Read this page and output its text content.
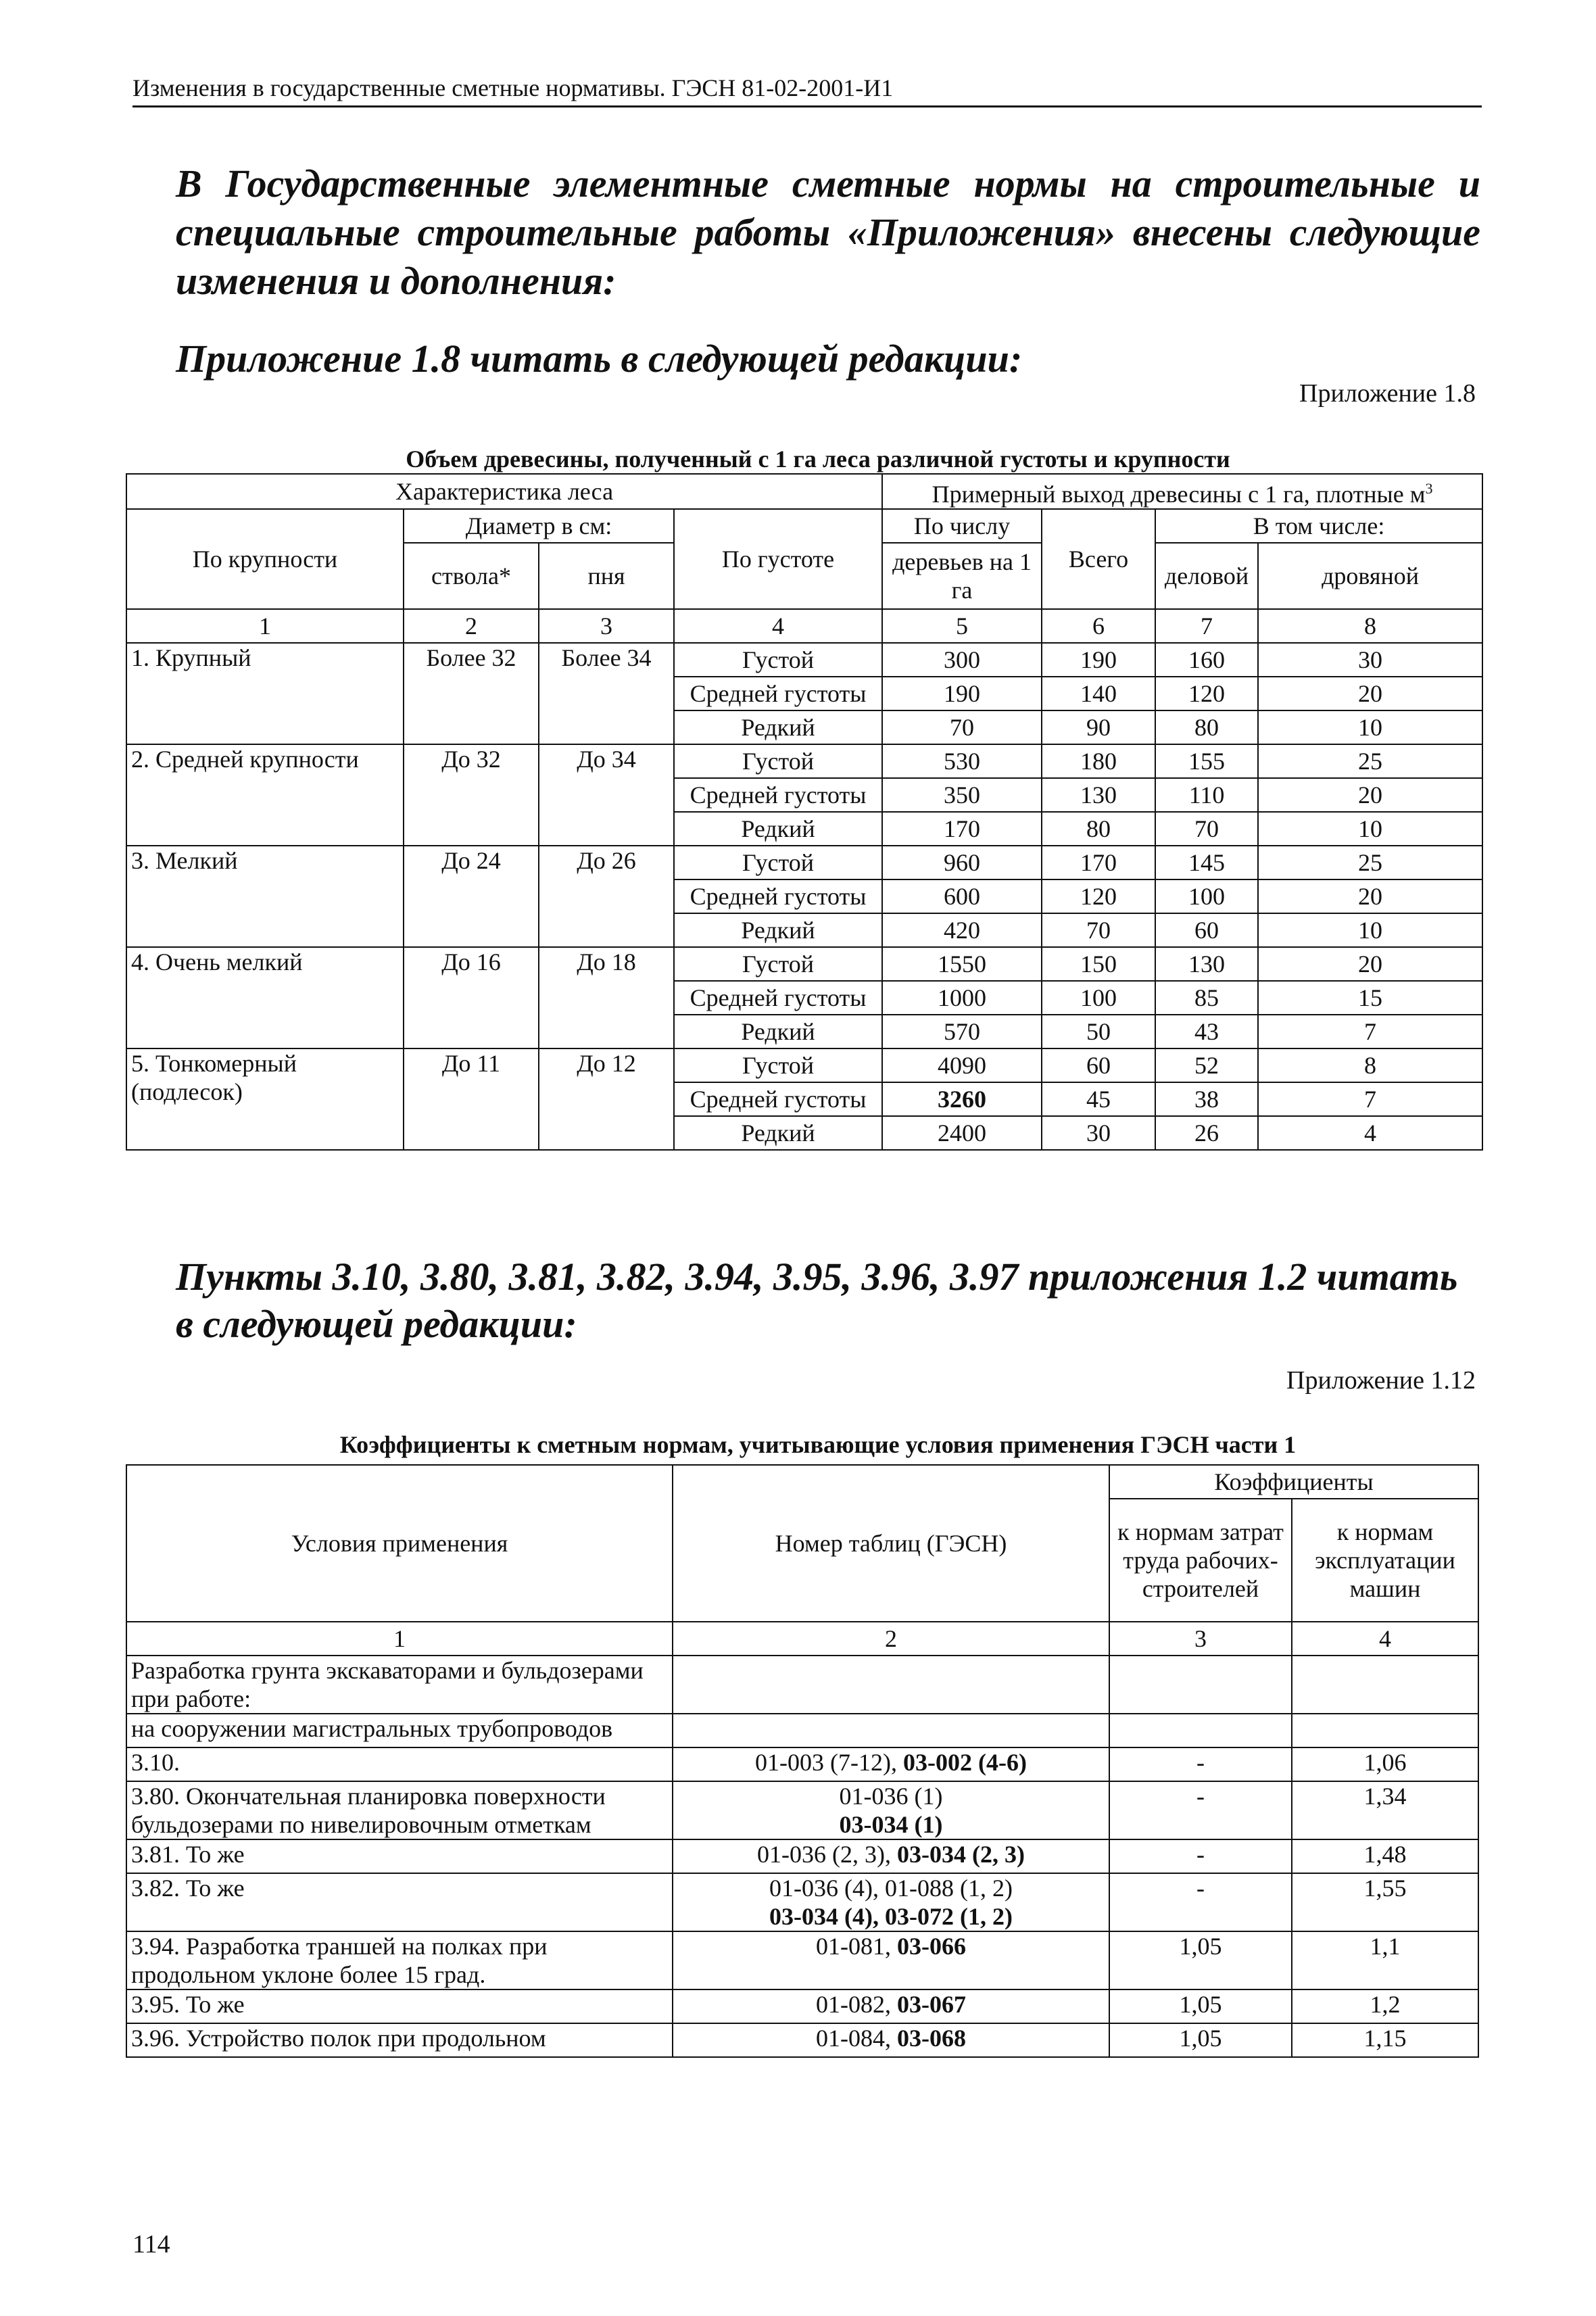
Изменения в государственные сметные нормативы. ГЭСН 81-02-2001-И1
В Государственные элементные сметные нормы на строительные и специальные строительные работы «Приложения» внесены следующие изменения и дополнения:
Приложение 1.8 читать в следующей редакции:
Приложение 1.8
Объем древесины, полученный с 1 га леса различной густоты и крупности
Характеристика леса				Примерный выход древесины с 1 га, плотные $м^3$
По крупности	Диаметр в см:		По густоте	По числу	Всего	В том числе:	
	ствола*	пня		деревьев на 1 га		деловой	дровяной
1	2	3	4	5	6	7	8
1. Крупный	Более 32	Более 34	Густой	300	190	160	30
			Средней густоты	190	140	120	20
			Редкий	70	90	80	10
2. Средней крупности	До 32	До 34	Густой	530	180	155	25
			Средней густоты	350	130	110	20
			Редкий	170	80	70	10
3. Мелкий	До 24	До 26	Густой	960	170	145	25
			Средней густоты	600	120	100	20
			Редкий	420	70	60	10
4. Очень мелкий	До 16	До 18	Густой	1550	150	130	20
			Средней густоты	1000	100	85	15
			Редкий	570	50	43	7
5. Тонкомерный (подлесок)	До 11	До 12	Густой	4090	60	52	8
			Средней густоты	3260	45	38	7
			Редкий	2400	30	26	4
Пункты 3.10, 3.80, 3.81, 3.82, 3.94, 3.95, 3.96, 3.97 приложения 1.2 читать в следующей редакции:
Приложение 1.12
Коэффициенты к сметным нормам, учитывающие условия применения ГЭСН части 1
Условия применения	Номер таблиц (ГЭСН)	Коэффициенты	
		к нормам затрат труда рабочих-строителей	к нормам эксплуатации машин
1	2	3	4
Разработка грунта экскаваторами и бульдозерами при работе:			
на сооружении магистральных трубопроводов			
3.10.	01-003 (7-12), 03-002 (4-6)	-	1,06
3.80. Окончательная планировка поверхности бульдозерами по нивелировочным отметкам	01-036 (1)
03-034 (1)	-	1,34
3.81. То же	01-036 (2, 3), 03-034 (2, 3)	-	1,48
3.82. То же	01-036 (4), 01-088 (1, 2)
03-034 (4), 03-072 (1, 2)	-	1,55
3.94. Разработка траншей на полках при продольном уклоне более 15 град.	01-081, 03-066	1,05	1,1
3.95. То же	01-082, 03-067	1,05	1,2
3.96. Устройство полок при продольном	01-084, 03-068	1,05	1,15
114
